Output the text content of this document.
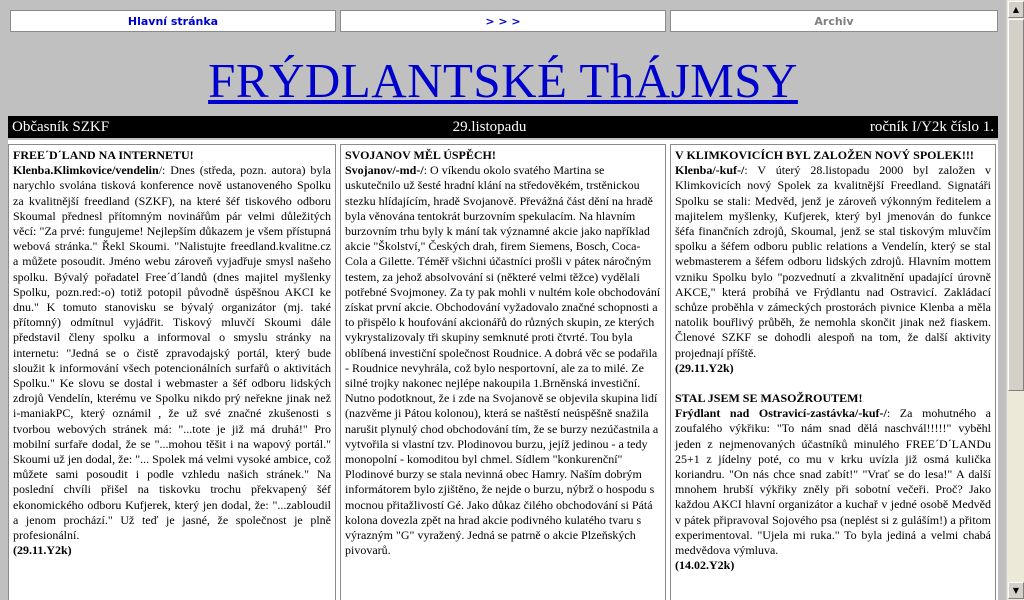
Hlavní stránka	> > >	Archiv
FRÝDLANTSKÉ ThÁJMSY
Občasník SZKF	29.listopadu	ročník I/Y2k číslo 1.
FREE´D´LAND NA INTERNETU!
Klenba.Klimkovice/vendelin/: Dnes (středa, pozn. autora) byla narychlo svolána tisková konference nově ustanoveného Spolku za kvalitnější freedland (SZKF), na které šéf tiskového odboru Skoumal přednesl přítomným novinářům pár velmi důležitých věcí: "Za prvé: fungujeme! Nejlepším důkazem je všem přístupná webová stránka." Řekl Skoumi. "Nalistujte freedland.kvalitne.cz a můžete posoudit. Jméno webu zároveň vyjadřuje smysl našeho spolku. Bývalý pořadatel Free´d´landů (dnes majitel myšlenky Spolku, pozn.red:-o) totiž potopil původně úspěšnou AKCI ke dnu." K tomuto stanovisku se bývalý organizátor (mj. také přítomný) odmítnul vyjádřit. Tiskový mluvčí Skoumi dále představil členy spolku a informoval o smyslu stránky na internetu: "Jedná se o čistě zpravodajský portál, který bude sloužit k informování všech potencionálních surfařů o aktivitách Spolku." Ke slovu se dostal i webmaster a šéf odboru lidských zdrojů Vendelín, kterému ve Spolku nikdo prý neřekne jinak než i-maniakPC, který oznámil , že už své značné zkušenosti s tvorbou webových stránek má: "...tote je již má druhá!" Pro mobilní surfaře dodal, že se "...mohou těšit i na wapový portál." Skoumi už jen dodal, že: "... Spolek má velmi vysoké ambice, což můžete sami posoudit i podle vzhledu našich stránek." Na poslední chvíli přišel na tiskovku trochu překvapený šéf ekonomického odboru Kufjerek, který jen dodal, že: "...zabloudil a jenom prochází." Už teď je jasné, že společnost je plně profesionální.
(29.11.Y2k)
SVOJANOV MĚL ÚSPĚCH!
Svojanov/-md-/: O víkendu okolo svatého Martina se uskutečnilo už šesté hradní klání na středověkém, trstěnickou stezku hlídajícím, hradě Svojanově. Převážná část dění na hradě byla věnována tentokrát burzovním spekulacím. Na hlavním burzovním trhu byly k mání tak významné akcie jako například akcie "Školství," Českých drah, firem Siemens, Bosch, Coca-Cola a Gilette. Téměř všichni účastníci prošli v páteк náročným testem, za jehož absolvování si (některé velmi těžce) vydělali potřebné Svojmoney. Za ty pak mohli v nultém kole obchodování získat první akcie. Obchodování vyžadovalo značné schopnosti a to přispělo k houfování akcionářů do různých skupin, ze kterých vykrystalizovaly tři skupiny semknuté proti čtvrté. Tou byla oblíbená investiční společnost Roudnice. A dobrá věc se podařila - Roudnice nevyhrála, což bylo nesportovní, ale za to milé. Ze silné trojky nakonec nejlépe nakoupila 1.Brněnská investiční. Nutno podotknout, že i zde na Svojanově se objevila skupina lidí (nazvěme ji Pátou kolonou), která se naštěstí neúspěšně snažila narušit plynulý chod obchodování tím, že se burzy nezúčastnila a vytvořila si vlastní tzv. Plodinovou burzu, jejíž jedinou - a tedy monopolní - komoditou byl chmel. Sídlem "konkurenční" Plodinové burzy se stala nevinná obec Hamry. Naším dobrým informátorem bylo zjištěno, že nejde o burzu, nýbrž o hospodu s mocnou přitažlivostí Gé. Jako důkaz čilého obchodování si Pátá kolona dovezla zpět na hrad akcie podivného kulatého tvaru s výrazným "G" vyražený. Jedná se patrně o akcie Plzeňských pivovarů.
V KLIMKOVICÍCH BYL ZALOŽEN NOVÝ SPOLEK!!!
Klenba/-kuf-/: V úterý 28.listopadu 2000 byl založen v Klimkovicích nový Spolek za kvalitnější Freedland. Signatáři Spolku se stali: Medvěd, jenž je zároveň výkonným ředitelem a majitelem myšlenky, Kufjerek, který byl jmenován do funkce šéfa finančních zdrojů, Skoumal, jenž se stal tiskovým mluvčím spolku a šéfem odboru public relations a Vendelín, který se stal webmasterem a šéfem odboru lidských zdrojů. Hlavním mottem vzniku Spolku bylo "pozvednutí a zkvalitnění upadající úrovně AKCE," která probíhá ve Frýdlantu nad Ostravicí. Zakládací schůze proběhla v zámeckých prostorách pivnice Klenba a měla natolik bouřlivý průběh, že nemohla skončit jinak než fiaskem. Členové SZKF se dohodli alespoň na tom, že další aktivity projednají příště.
(29.11.Y2k)
STAL JSEM SE MASOŽROUTEM!
Frýdlant nad Ostravicí-zastávka/-kuf-/: Za mohutného a zoufalého výkřiku: "To nám snad dělá naschvál!!!!!" vyběhl jeden z nejmenovaných účastníků minulého FREE´D´LANDu 25+1 z jídelny poté, co mu v krku uvízla již osmá kulička koriandru. "On nás chce snad zabít!" "Vrať se do lesa!" A další mnohem hrubší výkřiky zněly při sobotní večeři. Proč? Jako každou AKCI hlavní organizátor a kuchař v jedné osobě Medvěd v pátek připravoval Sojového psa (neplést si z guláším!) a přitom experimentoval. "Ujela mi ruka." To byla jediná a velmi chabá medvědova výmluva.
(14.02.Y2k)
▲
▼
